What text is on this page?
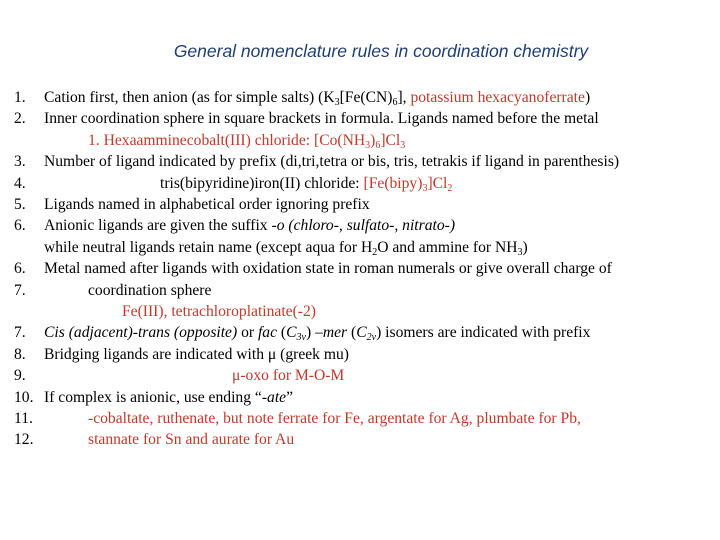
General nomenclature rules in coordination chemistry
1. Cation first, then anion (as for simple salts) ($K_3[Fe(CN)_6]$, potassium hexacyanoferrate)
2. Inner coordination sphere in square brackets in formula. Ligands named before the metal
1. Hexaamminecobalt(III) chloride: $[Co(NH_3)_6]Cl_3$
3. Number of ligand indicated by prefix (di,tri,tetra or bis, tris, tetrakis if ligand in parenthesis)
4.	tris(bipyridine)iron(II) chloride: $[Fe(bipy)_3]Cl_2$
5. Ligands named in alphabetical order ignoring prefix
6. Anionic ligands are given the suffix -o (chloro-, sulfato-, nitrato-)
while neutral ligands retain name (except aqua for $H_2O$ and ammine for $NH_3$)
6. Metal named after ligands with oxidation state in roman numerals or give overall charge of
7.	coordination sphere
Fe(III), tetrachloroplatinate(-2)
7. Cis (adjacent)-trans (opposite) or fac $(C_{3v})$ –mer $(C_{2v})$ isomers are indicated with prefix
8. Bridging ligands are indicated with μ (greek mu)
9.	μ-oxo for M-O-M
10. If complex is anionic, use ending “-ate”
11.	-cobaltate, ruthenate, but note ferrate for Fe, argentate for Ag, plumbate for Pb,
12.	stannate for Sn and aurate for Au
